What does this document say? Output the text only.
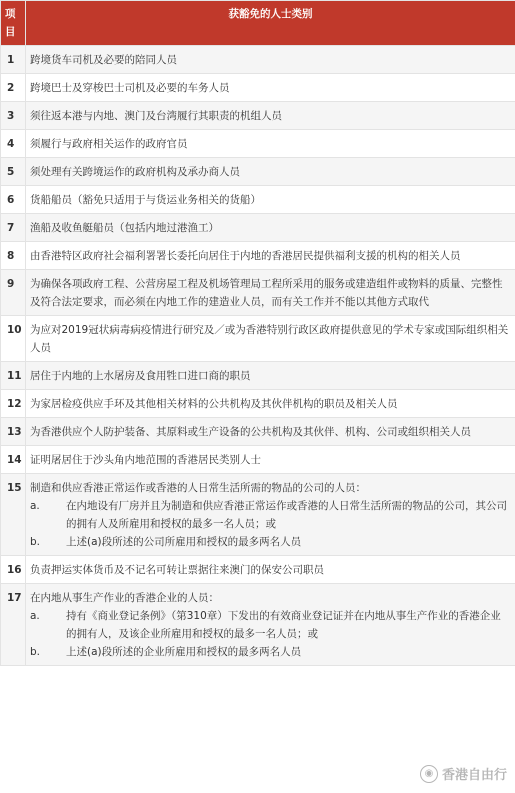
项目	获豁免的人士类别
1	跨境货车司机及必要的陪同人员
2	跨境巴士及穿梭巴士司机及必要的车务人员
3	须往返本港与内地、澳门及台湾履行其职责的机组人员
4	须履行与政府相关运作的政府官员
5	须处理有关跨境运作的政府机构及承办商人员
6	货船船员（豁免只适用于与货运业务相关的货船）
7	渔船及收鱼艇船员（包括内地过港渔工）
8	由香港特区政府社会福利署署长委托向居住于内地的香港居民提供福利支援的机构的相关人员
9	为确保各项政府工程、公营房屋工程及机场管理局工程所采用的服务或建造组件或物料的质量、完整性及符合法定要求，而必须在内地工作的建造业人员，而有关工作并不能以其他方式取代
10	为应对2019冠状病毒病疫情进行研究及／或为香港特别行政区政府提供意见的学术专家或国际组织相关人员
11	居住于内地的上水屠房及食用牲口进口商的职员
12	为家居检疫供应手环及其他相关材料的公共机构及其伙伴机构的职员及相关人员
13	为香港供应个人防护装备、其原料或生产设备的公共机构及其伙伴、机构、公司或组织相关人员
14	证明屠居住于沙头角内地范围的香港居民类别人士
15	制造和供应香港正常运作或香港的人日常生活所需的物品的公司的人员：
a. 在内地设有厂房并且为制造和供应香港正常运作或香港的人日常生活所需的物品的公司，其公司的拥有人及所雇用和授权的最多一名人员；或
b. 上述(a)段所述的公司所雇用和授权的最多两名人员

16	负责押运实体货币及不记名可转让票据往来澳门的保安公司职员
17	在内地从事生产作业的香港企业的人员：
a. 持有《商业登记条例》（第310章）下发出的有效商业登记证并在内地从事生产作业的香港企业的拥有人，及该企业所雇用和授权的最多一名人员；或
b. 上述(a)段所述的企业所雇用和授权的最多两名人员
◉ 香港自由行
